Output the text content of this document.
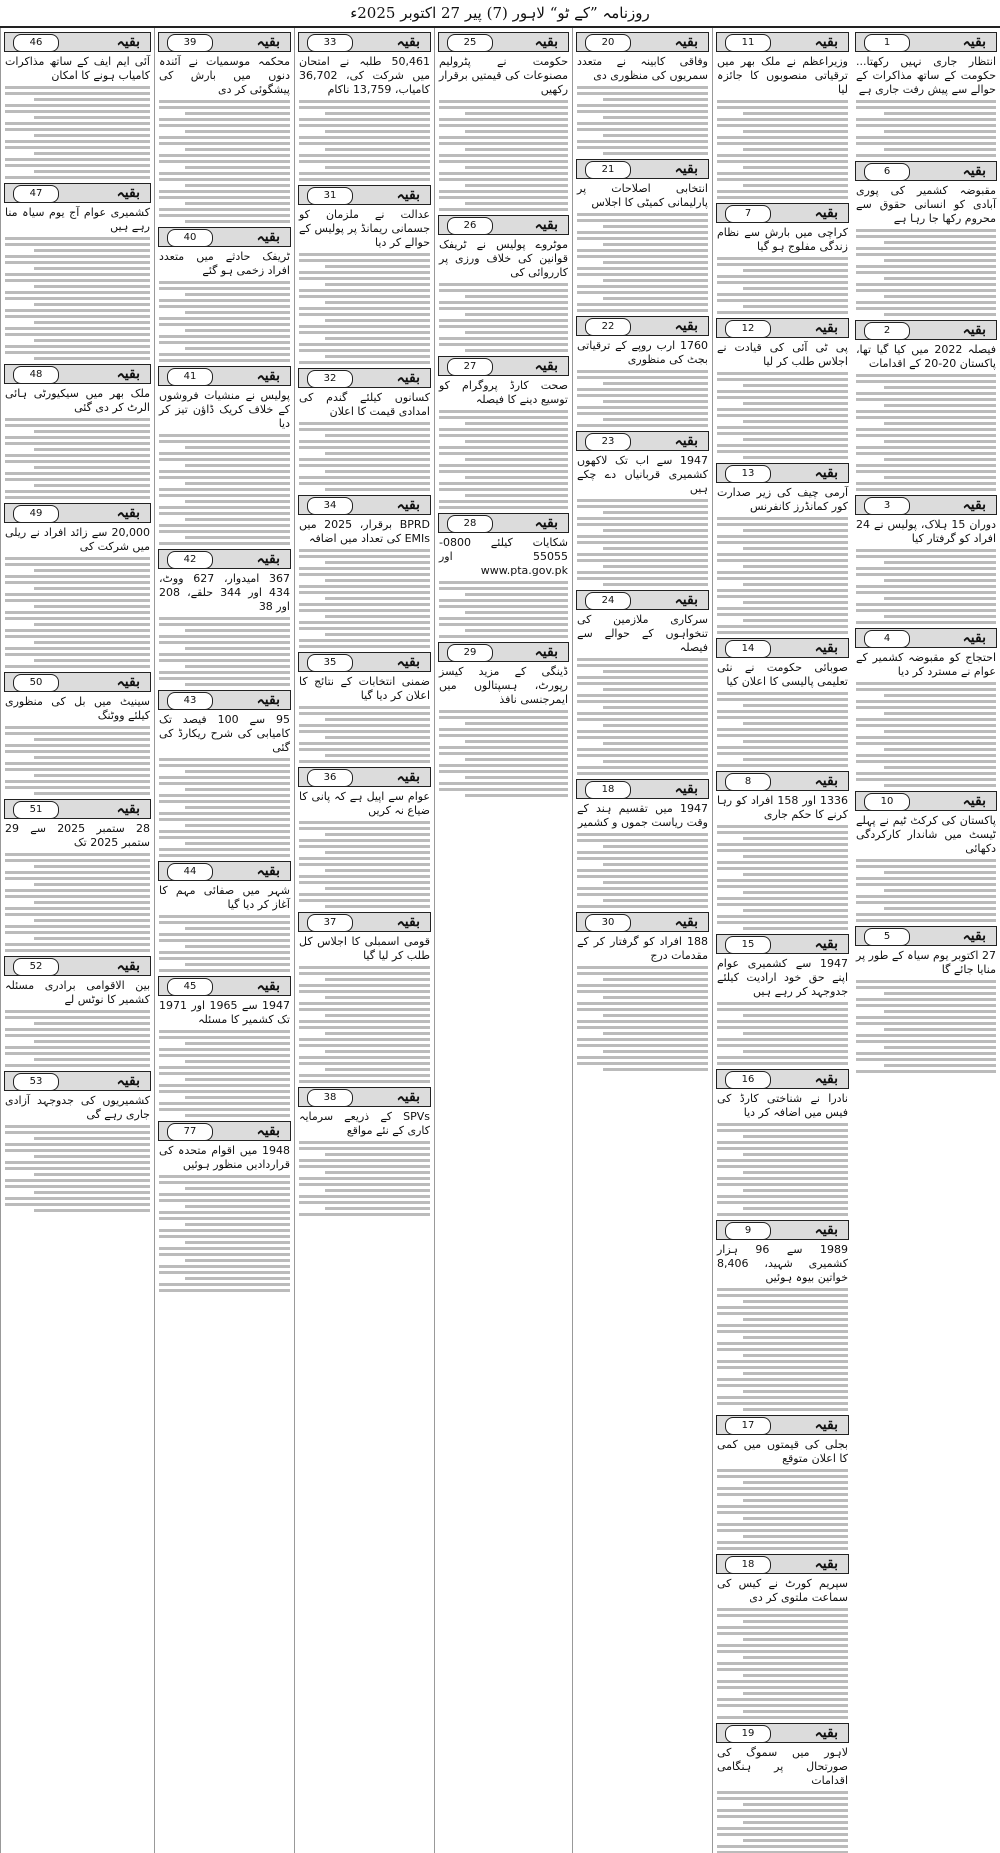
روزنامہ ”کے ٹو“ لاہور (7) پیر 27 اکتوبر 2025ء
1	بقیہ
انتظار جاری نہیں رکھتا... حکومت کے ساتھ مذاکرات کے حوالے سے پیش رفت جاری ہے
6	بقیہ
مقبوضہ کشمیر کی پوری آبادی کو انسانی حقوق سے محروم رکھا جا رہا ہے
2	بقیہ
فیصلہ 2022 میں کیا گیا تھا، پاکستان 20-20 کے اقدامات
3	بقیہ
دوران 15 ہلاک، پولیس نے 24 افراد کو گرفتار کیا
4	بقیہ
احتجاج کو مقبوضہ کشمیر کے عوام نے مسترد کر دیا
10	بقیہ
پاکستان کی کرکٹ ٹیم نے پہلے ٹیسٹ میں شاندار کارکردگی دکھائی
5	بقیہ
27 اکتوبر یوم سیاہ کے طور پر منایا جائے گا
11	بقیہ
وزیراعظم نے ملک بھر میں ترقیاتی منصوبوں کا جائزہ لیا
7	بقیہ
کراچی میں بارش سے نظام زندگی مفلوج ہو گیا
12	بقیہ
پی ٹی آئی کی قیادت نے اجلاس طلب کر لیا
13	بقیہ
آرمی چیف کی زیر صدارت کور کمانڈرز کانفرنس
14	بقیہ
صوبائی حکومت نے نئی تعلیمی پالیسی کا اعلان کیا
8	بقیہ
1336 اور 158 افراد کو رہا کرنے کا حکم جاری
15	بقیہ
1947 سے کشمیری عوام اپنے حق خود ارادیت کیلئے جدوجہد کر رہے ہیں
16	بقیہ
نادرا نے شناختی کارڈ کی فیس میں اضافہ کر دیا
9	بقیہ
1989 سے 96 ہزار کشمیری شہید، 8,406 خواتین بیوہ ہوئیں
17	بقیہ
بجلی کی قیمتوں میں کمی کا اعلان متوقع
18	بقیہ
سپریم کورٹ نے کیس کی سماعت ملتوی کر دی
19	بقیہ
لاہور میں سموگ کی صورتحال پر ہنگامی اقدامات
20	بقیہ
وفاقی کابینہ نے متعدد سمریوں کی منظوری دی
21	بقیہ
انتخابی اصلاحات پر پارلیمانی کمیٹی کا اجلاس
22	بقیہ
1760 ارب روپے کے ترقیاتی بجٹ کی منظوری
23	بقیہ
1947 سے اب تک لاکھوں کشمیری قربانیاں دے چکے ہیں
24	بقیہ
سرکاری ملازمین کی تنخواہوں کے حوالے سے فیصلہ
18	بقیہ
1947 میں تقسیم ہند کے وقت ریاست جموں و کشمیر
30	بقیہ
188 افراد کو گرفتار کر کے مقدمات درج
25	بقیہ
حکومت نے پٹرولیم مصنوعات کی قیمتیں برقرار رکھیں
26	بقیہ
موٹروے پولیس نے ٹریفک قوانین کی خلاف ورزی پر کارروائی کی
27	بقیہ
صحت کارڈ پروگرام کو توسیع دینے کا فیصلہ
28	بقیہ
شکایات کیلئے 0800-55055 اور www.pta.gov.pk
29	بقیہ
ڈینگی کے مزید کیسز رپورٹ، ہسپتالوں میں ایمرجنسی نافذ
33	بقیہ
50,461 طلبہ نے امتحان میں شرکت کی، 36,702 کامیاب، 13,759 ناکام
31	بقیہ
عدالت نے ملزمان کو جسمانی ریمانڈ پر پولیس کے حوالے کر دیا
32	بقیہ
کسانوں کیلئے گندم کی امدادی قیمت کا اعلان
34	بقیہ
BPRD برقرار، 2025 میں EMIs کی تعداد میں اضافہ
35	بقیہ
ضمنی انتخابات کے نتائج کا اعلان کر دیا گیا
36	بقیہ
عوام سے اپیل ہے کہ پانی کا ضیاع نہ کریں
37	بقیہ
قومی اسمبلی کا اجلاس کل طلب کر لیا گیا
38	بقیہ
SPVs کے ذریعے سرمایہ کاری کے نئے مواقع
39	بقیہ
محکمہ موسمیات نے آئندہ دنوں میں بارش کی پیشگوئی کر دی
40	بقیہ
ٹریفک حادثے میں متعدد افراد زخمی ہو گئے
41	بقیہ
پولیس نے منشیات فروشوں کے خلاف کریک ڈاؤن تیز کر دیا
42	بقیہ
367 امیدوار، 627 ووٹ، 434 اور 344 حلقے، 208 اور 38
43	بقیہ
95 سے 100 فیصد تک کامیابی کی شرح ریکارڈ کی گئی
44	بقیہ
شہر میں صفائی مہم کا آغاز کر دیا گیا
45	بقیہ
1947 سے 1965 اور 1971 تک کشمیر کا مسئلہ
77	بقیہ
1948 میں اقوام متحدہ کی قراردادیں منظور ہوئیں
46	بقیہ
آئی ایم ایف کے ساتھ مذاکرات کامیاب ہونے کا امکان
47	بقیہ
کشمیری عوام آج یوم سیاہ منا رہے ہیں
48	بقیہ
ملک بھر میں سیکیورٹی ہائی الرٹ کر دی گئی
49	بقیہ
20,000 سے زائد افراد نے ریلی میں شرکت کی
50	بقیہ
سینیٹ میں بل کی منظوری کیلئے ووٹنگ
51	بقیہ
28 ستمبر 2025 سے 29 ستمبر 2025 تک
52	بقیہ
بین الاقوامی برادری مسئلہ کشمیر کا نوٹس لے
53	بقیہ
کشمیریوں کی جدوجہد آزادی جاری رہے گی
